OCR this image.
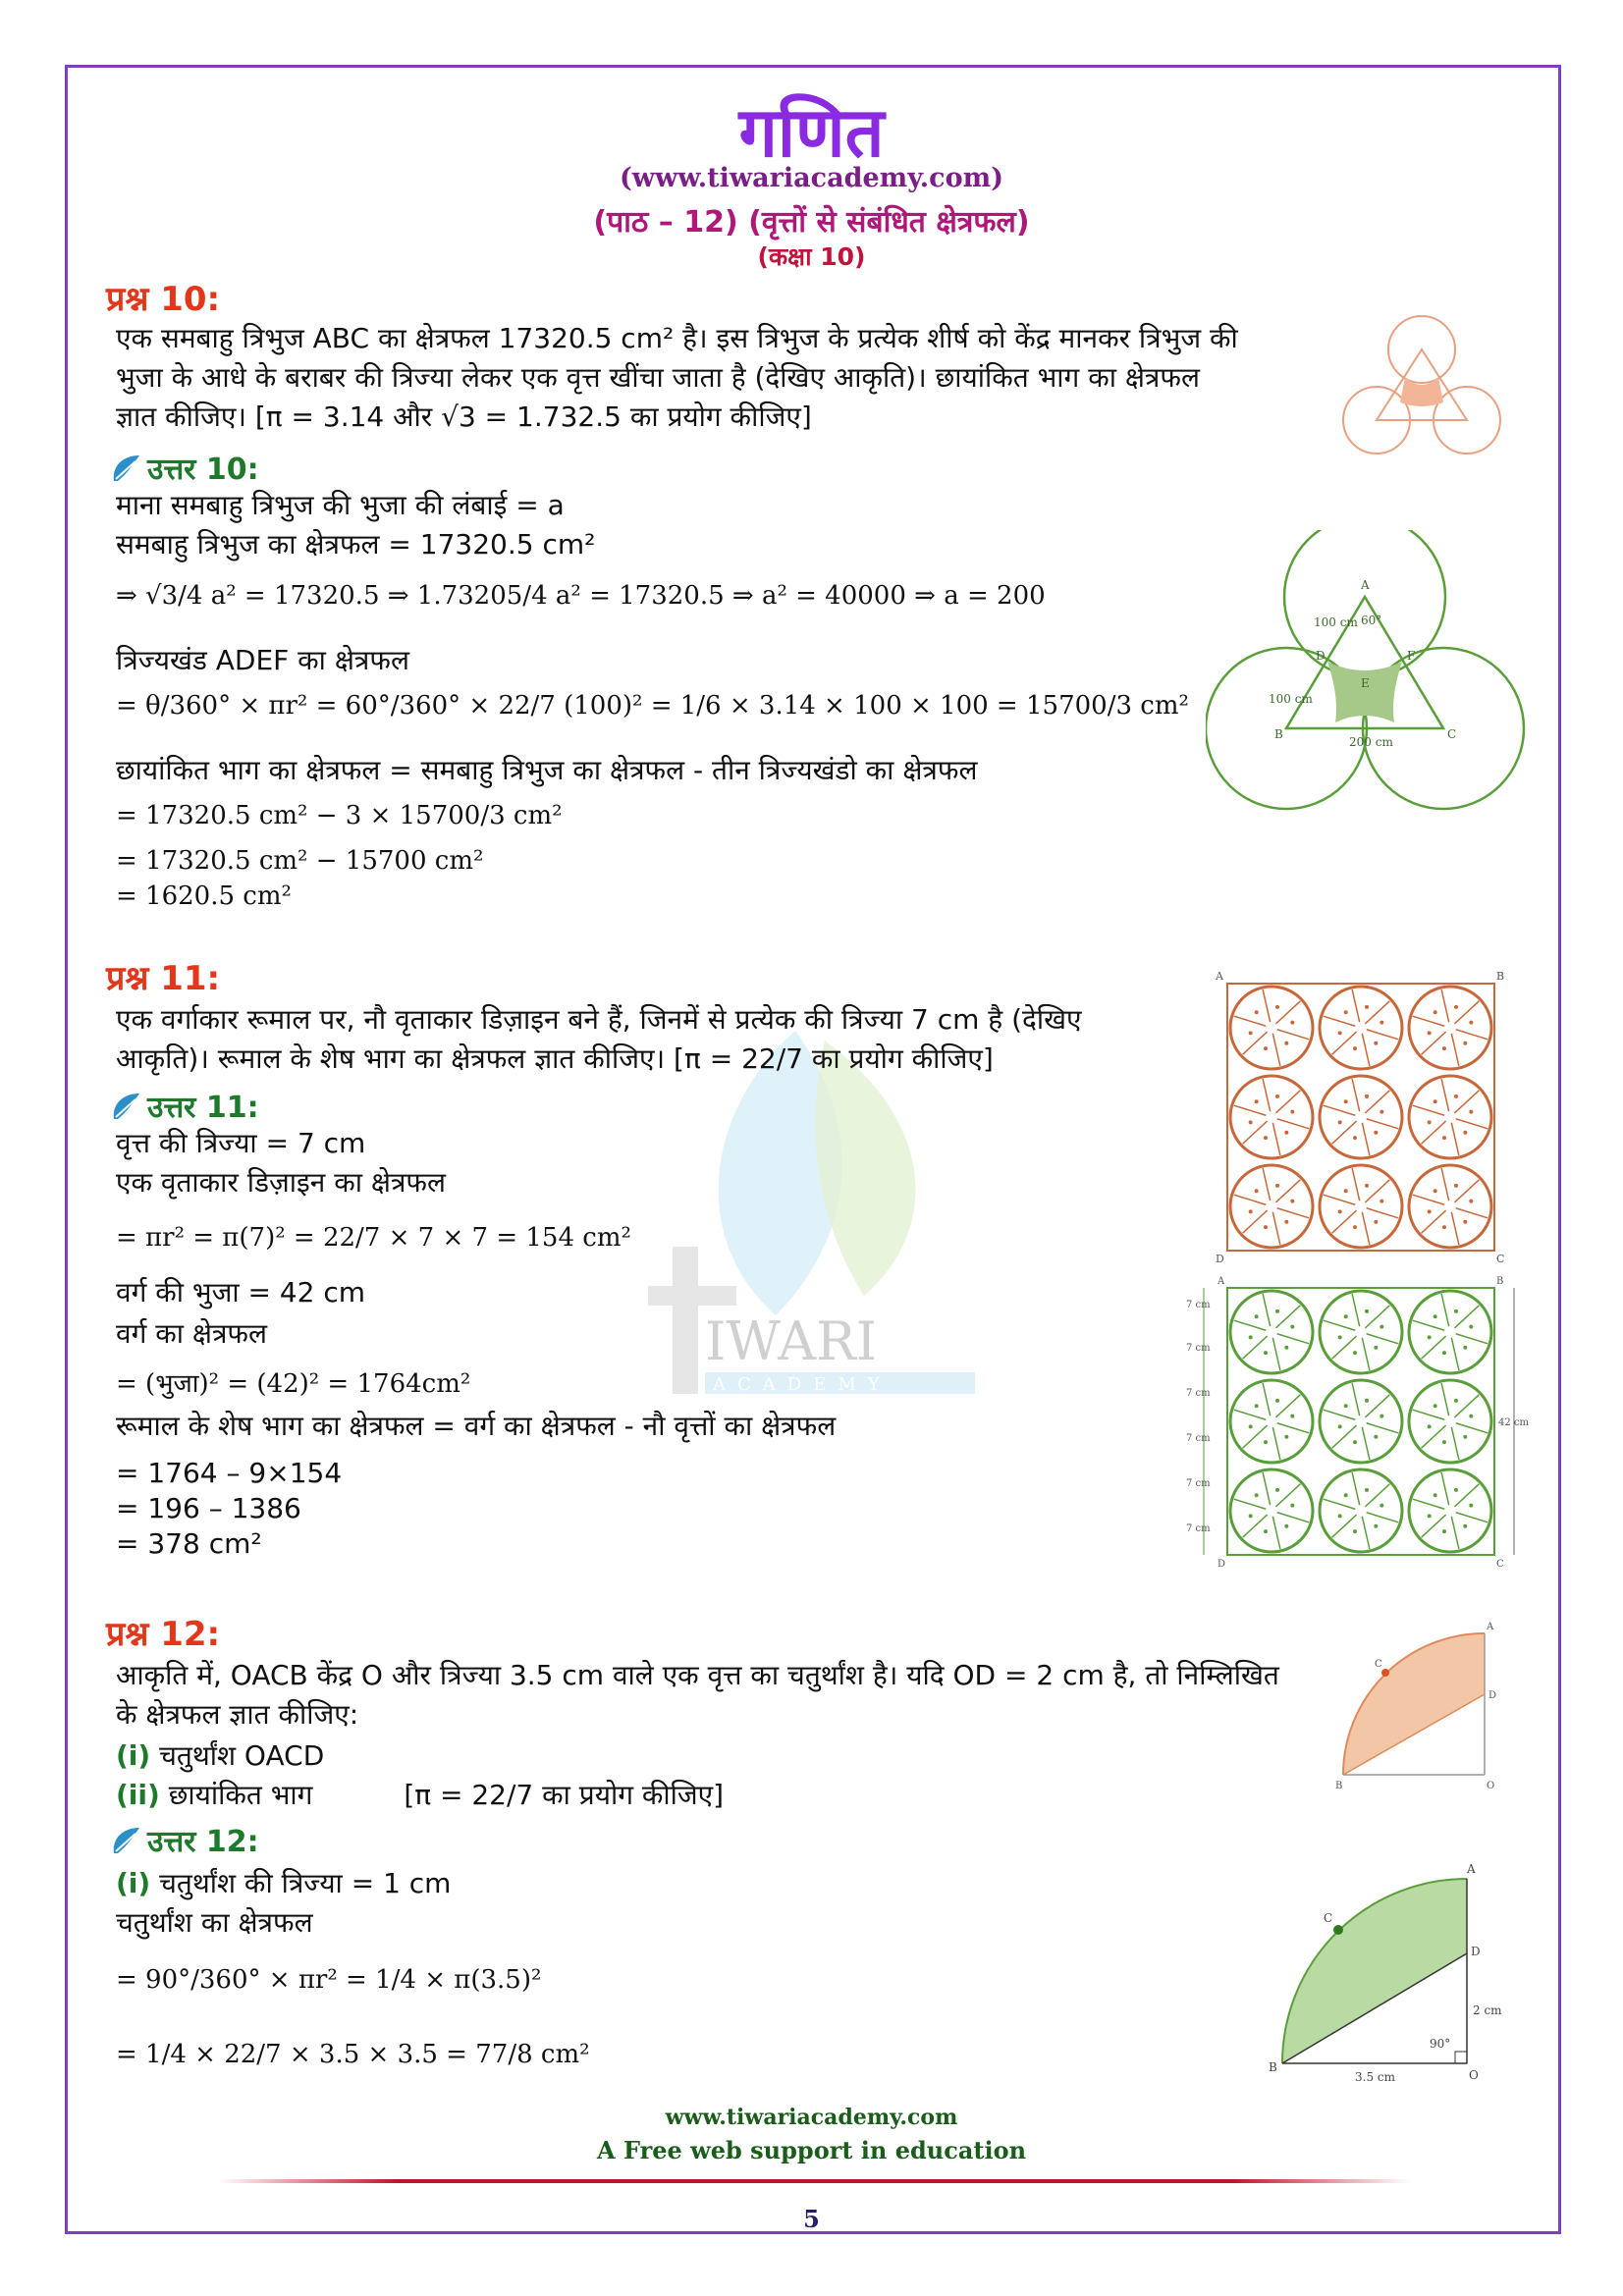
IWARI
ACADEMY
गणित
(www.tiwariacademy.com)
(पाठ – 12) (वृत्तों से संबंधित क्षेत्रफल)
(कक्षा 10)
प्रश्न 10:
एक समबाहु त्रिभुज ABC का क्षेत्रफल 17320.5 cm² है। इस त्रिभुज के प्रत्येक शीर्ष को केंद्र मानकर त्रिभुज की
भुजा के आधे के बराबर की त्रिज्या लेकर एक वृत्त खींचा जाता है (देखिए आकृति)। छायांकित भाग का क्षेत्रफल
ज्ञात कीजिए। [π = 3.14 और √3 = 1.732.5 का प्रयोग कीजिए]
उत्तर 10:
माना समबाहु त्रिभुज की भुजा की लंबाई = a
समबाहु त्रिभुज का क्षेत्रफल = 17320.5 cm²
⇒ √3/4 a² = 17320.5 ⇒ 1.73205/4 a² = 17320.5 ⇒ a² = 40000 ⇒ a = 200
त्रिज्यखंड ADEF का क्षेत्रफल
= θ/360° × πr² = 60°/360° × 22/7 (100)² = 1/6 × 3.14 × 100 × 100 = 15700/3 cm²
छायांकित भाग का क्षेत्रफल = समबाहु त्रिभुज का क्षेत्रफल - तीन त्रिज्यखंडो का क्षेत्रफल
= 17320.5 cm² − 3 × 15700/3 cm²
= 17320.5 cm² − 15700 cm²
= 1620.5 cm²
A
B	C
D
E
F
100 cm
100 cm
200 cm
60°
प्रश्न 11:
एक वर्गाकार रूमाल पर, नौ वृताकार डिज़ाइन बने हैं, जिनमें से प्रत्येक की त्रिज्या 7 cm है (देखिए
आकृति)। रूमाल के शेष भाग का क्षेत्रफल ज्ञात कीजिए। [π = 22/7 का प्रयोग कीजिए]
उत्तर 11:
वृत्त की त्रिज्या = 7 cm
एक वृताकार डिज़ाइन का क्षेत्रफल
= πr² = π(7)² = 22/7 × 7 × 7 = 154 cm²
वर्ग की भुजा = 42 cm
वर्ग का क्षेत्रफल
= (भुजा)² = (42)² = 1764cm²
रूमाल के शेष भाग का क्षेत्रफल = वर्ग का क्षेत्रफल - नौ वृत्तों का क्षेत्रफल
= 1764 – 9×154
= 196 – 1386
= 378 cm²
A	B
D	C
7 cm
7 cm
7 cm
7 cm
7 cm
7 cm
42 cm
A	B
D	C
प्रश्न 12:
आकृति में, OACB केंद्र O और त्रिज्या 3.5 cm वाले एक वृत्त का चतुर्थांश है। यदि OD = 2 cm है, तो निम्लिखित
के क्षेत्रफल ज्ञात कीजिए:
(i) चतुर्थांश OACD
(ii) छायांकित भाग	[π = 22/7 का प्रयोग कीजिए]
उत्तर 12:
(i) चतुर्थांश की त्रिज्या = 1 cm
चतुर्थांश का क्षेत्रफल
= 90°/360° × πr² = 1/4 × π(3.5)²
= 1/4 × 22/7 × 3.5 × 3.5 = 77/8 cm²
A
B
C
D
O
A
B
C
D
O
2 cm
3.5 cm
90°
www.tiwariacademy.com
A Free web support in education
5
